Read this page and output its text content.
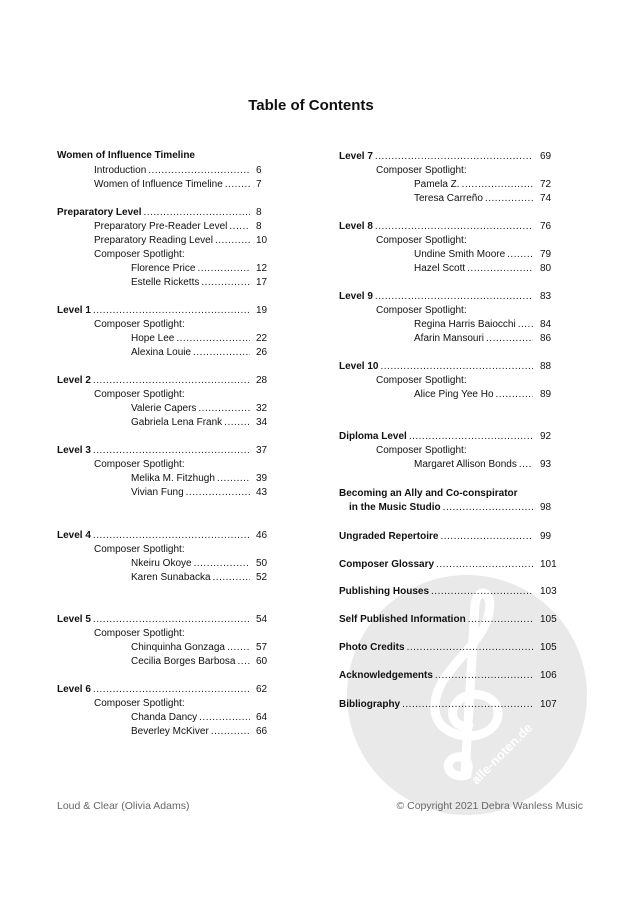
alle-noten.de
Table of Contents
Women of Influence Timeline
6
Introduction
.....
7
Women of Influence Timeline
.....
8
Preparatory Level
.....
8
Preparatory Pre-Reader Level
.....
10
Preparatory Reading Level
.....
Composer Spotlight:
12
Florence Price
.....
17
Estelle Ricketts
.....
19
Level 1
.....
Composer Spotlight:
22
Hope Lee
.....
26
Alexina Louie
.....
28
Level 2
.....
Composer Spotlight:
32
Valerie Capers
.....
34
Gabriela Lena Frank
.....
37
Level 3
.....
Composer Spotlight:
39
Melika M. Fitzhugh
.....
43
Vivian Fung
.....
46
Level 4
.....
Composer Spotlight:
50
Nkeiru Okoye
.....
52
Karen Sunabacka
.....
54
Level 5
.....
Composer Spotlight:
57
Chinquinha Gonzaga
.....
60
Cecilia Borges Barbosa
.....
62
Level 6
.....
Composer Spotlight:
64
Chanda Dancy
.....
66
Beverley McKiver
.....
69
Level 7
.....
Composer Spotlight:
72
Pamela Z.
.....
74
Teresa Carreño
.....
76
Level 8
.....
Composer Spotlight:
79
Undine Smith Moore
.....
80
Hazel Scott
.....
83
Level 9
.....
Composer Spotlight:
84
Regina Harris Baiocchi
.....
86
Afarin Mansouri
.....
88
Level 10
.....
Composer Spotlight:
89
Alice Ping Yee Ho
.....
92
Diploma Level
.....
Composer Spotlight:
93
Margaret Allison Bonds
.....
Becoming an Ally and Co-conspirator
98
in the Music Studio
.....
99
Ungraded Repertoire
.....
101
Composer Glossary
.....
103
Publishing Houses
.....
105
Self Published Information
.....
105
Photo Credits
.....
106
Acknowledgements
.....
107
Bibliography
.....
Loud & Clear (Olivia Adams)	© Copyright 2021 Debra Wanless Music
